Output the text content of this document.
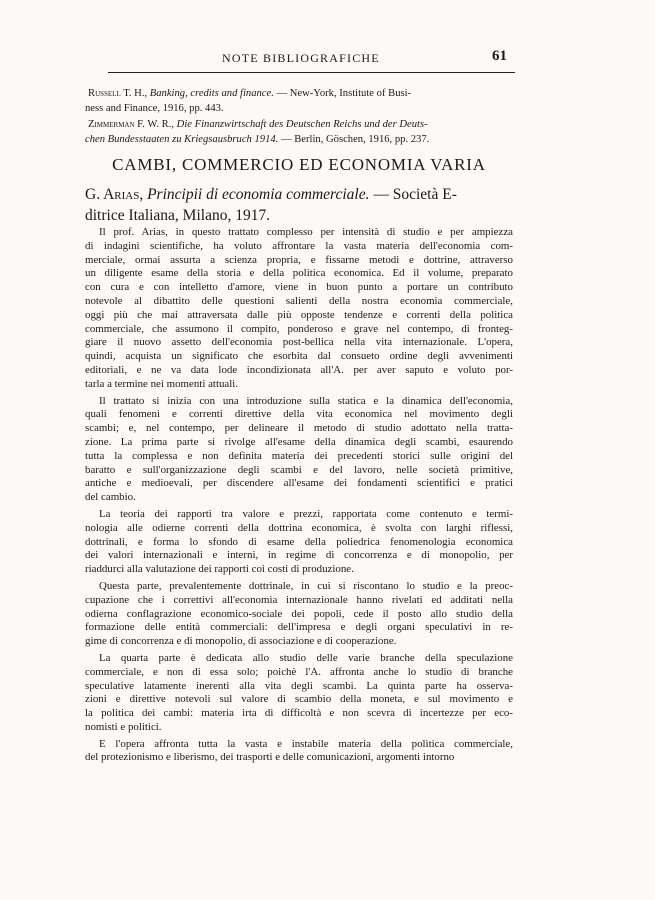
NOTE BIBLIOGRAFICHE	61
Russell T. H., Banking, credits and finance. — New-York, Institute of Busi-
ness and Finance, 1916, pp. 443.
Zimmerman F. W. R., Die Finanzwirtschaft des Deutschen Reichs und der Deuts-
chen Bundesstaaten zu Kriegsausbruch 1914. — Berlin, Göschen, 1916, pp. 237.
CAMBI, COMMERCIO ED ECONOMIA VARIA
G. Arias, Principii di economia commerciale. — Società E-
ditrice Italiana, Milano, 1917.
Il prof. Arias, in questo trattato complesso per intensità di studio e per ampiezza
di indagini scientifiche, ha voluto affrontare la vasta materia dell'economia com-
merciale, ormai assurta a scienza propria, e fissarne metodi e dottrine, attraverso
un diligente esame della storia e della politica economica. Ed il volume, preparato
con cura e con intelletto d'amore, viene in buon punto a portare un contributo
notevole al dibattito delle questioni salienti della nostra economia commerciale,
oggi più che mai attraversata dalle più opposte tendenze e correnti della politica
commerciale, che assumono il compito, ponderoso e grave nel contempo, di fronteg-
giare il nuovo assetto dell'economia post-bellica nella vita internazionale. L'opera,
quindi, acquista un significato che esorbita dal consueto ordine degli avvenimenti
editoriali, e ne va data lode incondizionata all'A. per aver saputo e voluto por-
tarla a termine nei momenti attuali.
Il trattato si inizia con una introduzione sulla statica e la dinamica dell'economia,
quali fenomeni e correnti direttive della vita economica nel movimento degli
scambi; e, nel contempo, per delineare il metodo di studio adottato nella tratta-
zione. La prima parte si rivolge all'esame della dinamica degli scambi, esaurendo
tutta la complessa e non definita materia dei precedenti storici sulle origini del
baratto e sull'organizzazione degli scambi e del lavoro, nelle società primitive,
antiche e medioevali, per discendere all'esame dei fondamenti scientifici e pratici
del cambio.
La teoria dei rapporti tra valore e prezzi, rapportata come contenuto e termi-
nologia alle odierne correnti della dottrina economica, è svolta con larghi riflessi,
dottrinali, e forma lo sfondo di esame della poliedrica fenomenologia economica
dei valori internazionali e interni, in regime di concorrenza e di monopolio, per
riaddurci alla valutazione dei rapporti coi costi di produzione.
Questa parte, prevalentemente dottrinale, in cui si riscontano lo studio e la preoc-
cupazione che i correttivi all'economia internazionale hanno rivelati ed additati nella
odierna conflagrazione economico-sociale dei popoli, cede il posto allo studio della
formazione delle entità commerciali: dell'impresa e degli organi speculativi in re-
gime di concorrenza e di monopolio, di associazione e di cooperazione.
La quarta parte è dedicata allo studio delle varie branche della speculazione
commerciale, e non di essa solo; poichè l'A. affronta anche lo studio di branche
speculative latamente inerenti alla vita degli scambi. La quinta parte ha osserva-
zioni e direttive notevoli sul valore di scambio della moneta, e sul movimento e
la politica dei cambi: materia irta di difficoltà e non scevra di incertezze per eco-
nomisti e politici.
E l'opera affronta tutta la vasta e instabile materia della politica commerciale,
del protezionismo e liberismo, dei trasporti e delle comunicazioni, argomenti intorno
